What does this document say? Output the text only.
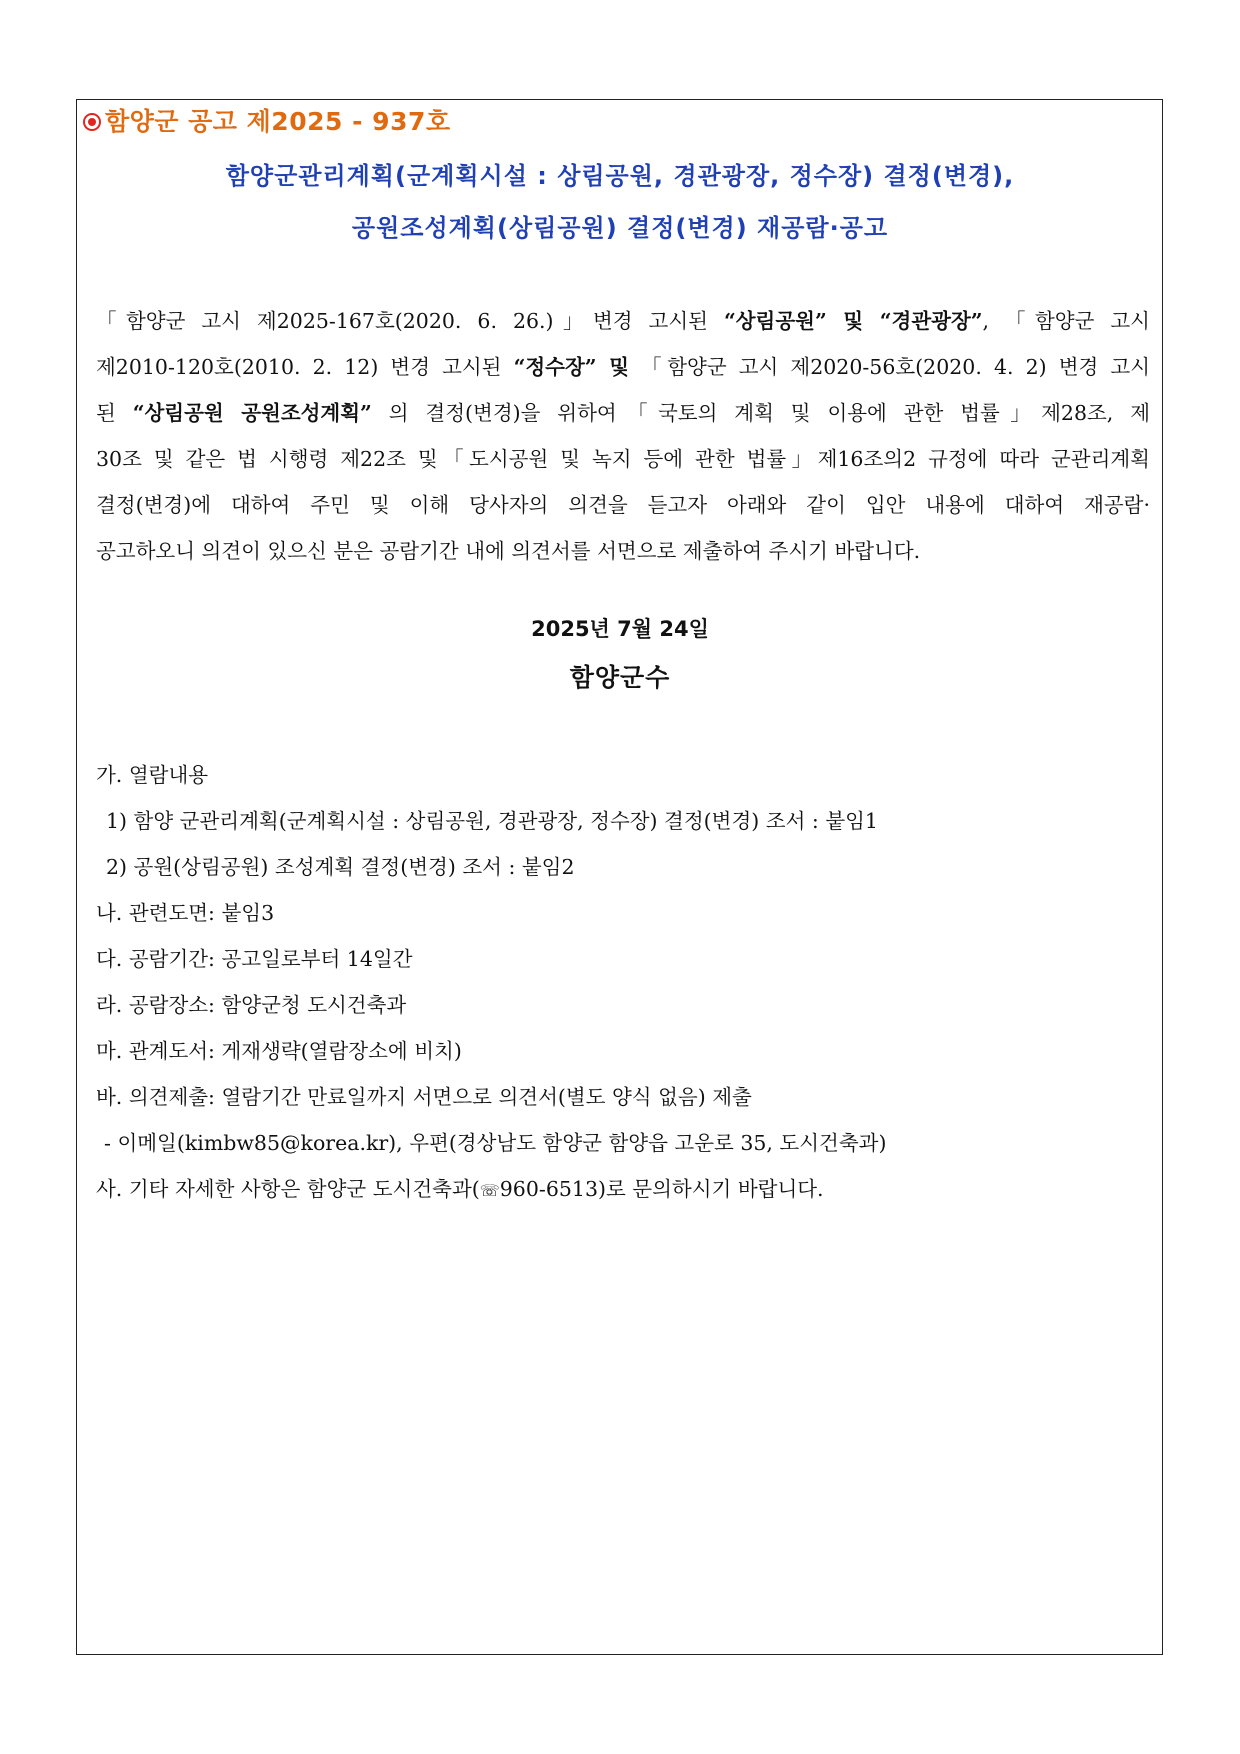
함양군 공고 제2025 - 937호
함양군관리계획(군계획시설 : 상림공원, 경관광장, 정수장) 결정(변경),
공원조성계획(상림공원) 결정(변경) 재공람·공고
「함양군 고시 제2025-167호(2020. 6. 26.)」변경 고시된 “상림공원” 및 “경관광장”, 「함양군 고시
제2010-120호(2010. 2. 12) 변경 고시된 “정수장” 및 「함양군 고시 제2020-56호(2020. 4. 2) 변경 고시
된 “상림공원 공원조성계획” 의 결정(변경)을 위하여「국토의 계획 및 이용에 관한 법률」제28조, 제
30조 및 같은 법 시행령 제22조 및「도시공원 및 녹지 등에 관한 법률」제16조의2 규정에 따라 군관리계획
결정(변경)에 대하여 주민 및 이해 당사자의 의견을 듣고자 아래와 같이 입안 내용에 대하여 재공람·
공고하오니 의견이 있으신 분은 공람기간 내에 의견서를 서면으로 제출하여 주시기 바랍니다.
2025년 7월 24일
함양군수
가. 열람내용
1) 함양 군관리계획(군계획시설 : 상림공원, 경관광장, 정수장) 결정(변경) 조서 : 붙임1
2) 공원(상림공원) 조성계획 결정(변경) 조서 : 붙임2
나. 관련도면: 붙임3
다. 공람기간: 공고일로부터 14일간
라. 공람장소: 함양군청 도시건축과
마. 관계도서: 게재생략(열람장소에 비치)
바. 의견제출: 열람기간 만료일까지 서면으로 의견서(별도 양식 없음) 제출
- 이메일(kimbw85@korea.kr), 우편(경상남도 함양군 함양읍 고운로 35, 도시건축과)
사. 기타 자세한 사항은 함양군 도시건축과(☏960-6513)로 문의하시기 바랍니다.
